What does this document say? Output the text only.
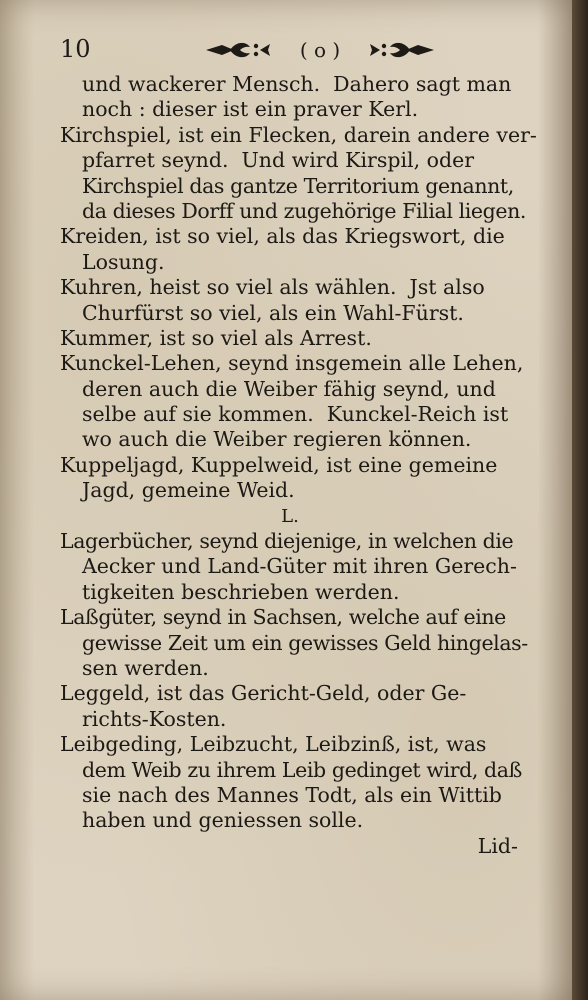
10	( o )
und wackerer Mensch.  Dahero sagt man
noch : dieser ist ein praver Kerl.
Kirchspiel, ist ein Flecken, darein andere ver-
pfarret seynd.  Und wird Kirspil, oder
Kirchspiel das gantze Territorium genannt,
da dieses Dorff und zugehörige Filial liegen.
Kreiden, ist so viel, als das Kriegswort, die
Losung.
Kuhren, heist so viel als wählen.  Jst also
Churfürst so viel, als ein Wahl-Fürst.
Kummer, ist so viel als Arrest.
Kunckel-Lehen, seynd insgemein alle Lehen,
deren auch die Weiber fähig seynd, und
selbe auf sie kommen.  Kunckel-Reich ist
wo auch die Weiber regieren können.
Kuppeljagd, Kuppelweid, ist eine gemeine
Jagd, gemeine Weid.
L.
Lagerbücher, seynd diejenige, in welchen die
Aecker und Land-Güter mit ihren Gerech-
tigkeiten beschrieben werden.
Laßgüter, seynd in Sachsen, welche auf eine
gewisse Zeit um ein gewisses Geld hingelas-
sen werden.
Leggeld, ist das Gericht-Geld, oder Ge-
richts-Kosten.
Leibgeding, Leibzucht, Leibzinß, ist, was
dem Weib zu ihrem Leib gedinget wird, daß
sie nach des Mannes Todt, als ein Wittib
haben und geniessen solle.
Lid-
